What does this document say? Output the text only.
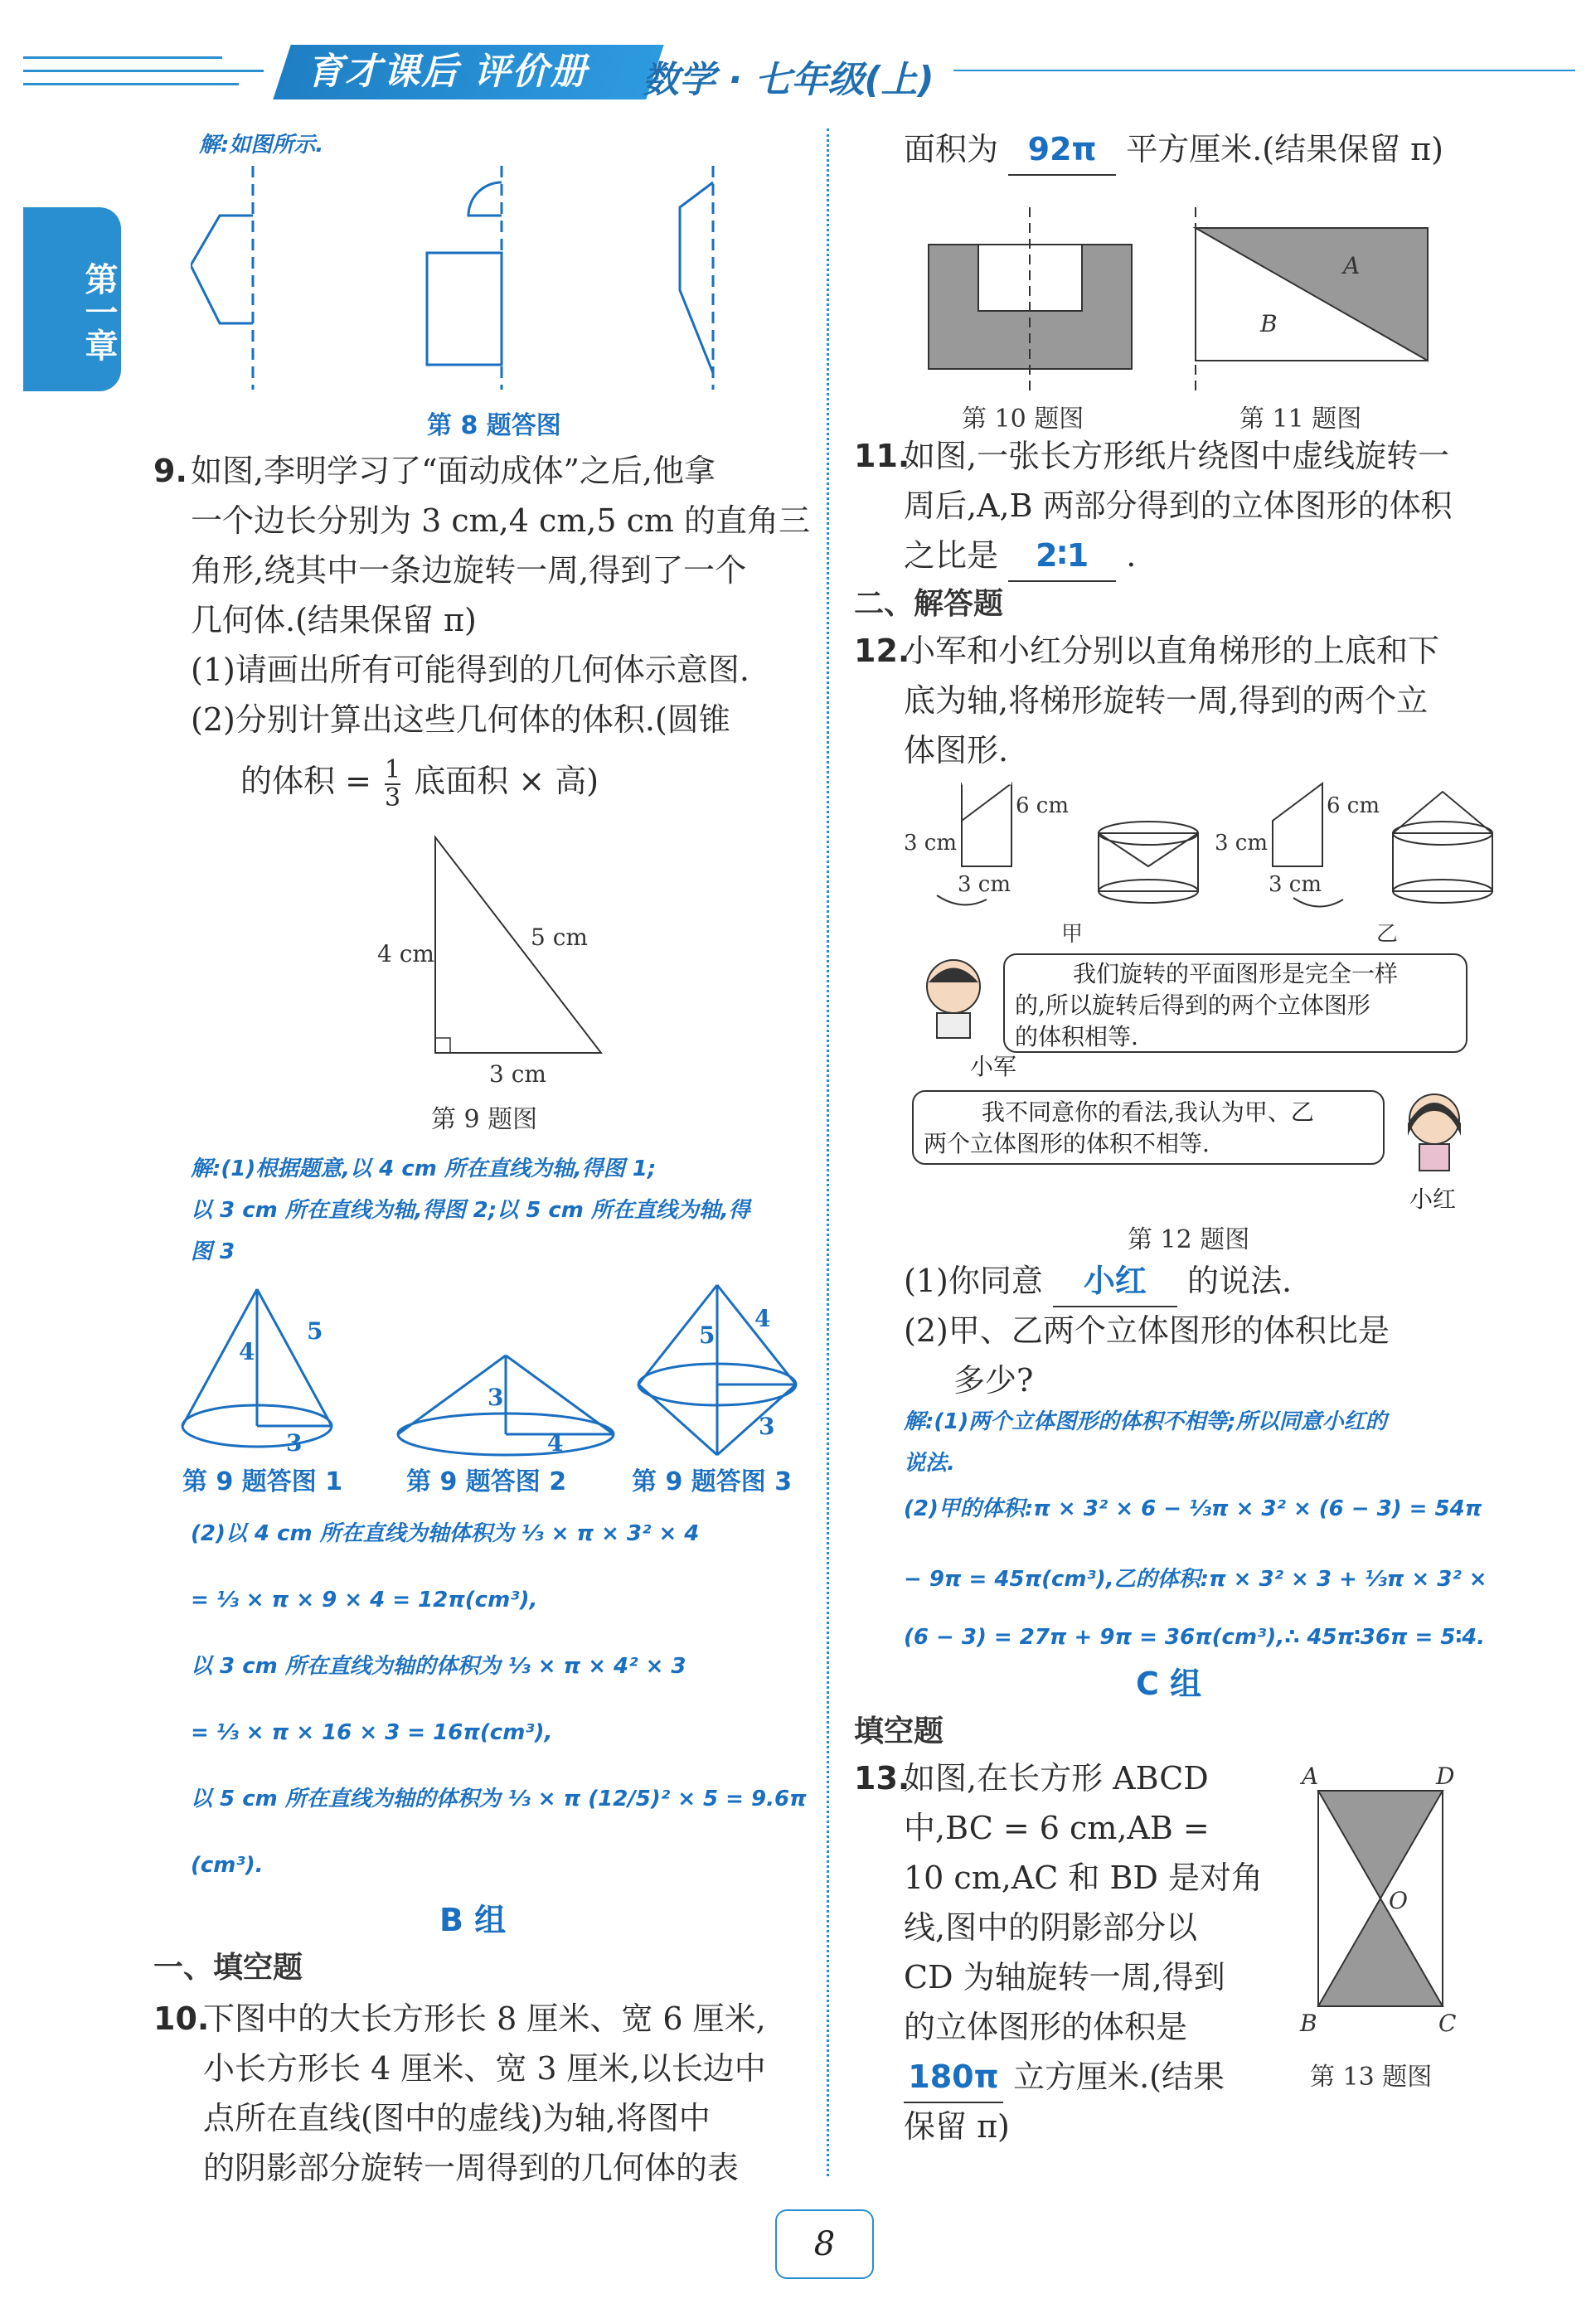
育才课后 评价册	数学 · 七年级(上)
第一章
解:如图所示.
第 8 题答图
9. 如图,李明学习了“面动成体”之后,他拿
一个边长分别为 3 cm,4 cm,5 cm 的直角三
角形,绕其中一条边旋转一周,得到了一个
几何体.(结果保留 π)
(1)请画出所有可能得到的几何体示意图.
(2)分别计算出这些几何体的体积.(圆锥
的体积 = $\frac{1}{3}$ 底面积 × 高)
4 cm
5 cm
3 cm
第 9 题图
解:(1)根据题意,以 4 cm 所在直线为轴,得图 1;
以 3 cm 所在直线为轴,得图 2;以 5 cm 所在直线为轴,得
图 3
4
5
3
3
4
5
4
3
第 9 题答图 1	第 9 题答图 2	第 9 题答图 3
(2)以 4 cm 所在直线为轴体积为 ⅓ × π × 3² × 4
= ⅓ × π × 9 × 4 = 12π(cm³),
以 3 cm 所在直线为轴的体积为 ⅓ × π × 4² × 3
= ⅓ × π × 16 × 3 = 16π(cm³),
以 5 cm 所在直线为轴的体积为 ⅓ × π (12/5)² × 5 = 9.6π
(cm³).
B 组
一、填空题
10.
下图中的大长方形长 8 厘米、宽 6 厘米,
小长方形长 4 厘米、宽 3 厘米,以长边中
点所在直线(图中的虚线)为轴,将图中
的阴影部分旋转一周得到的几何体的表
面积为 92π 平方厘米.(结果保留 π)
A
B
第 10 题图	第 11 题图
11.
如图,一张长方形纸片绕图中虚线旋转一
周后,A,B 两部分得到的立体图形的体积
之比是 2∶1 .
二、解答题
12.
小军和小红分别以直角梯形的上底和下
底为轴,将梯形旋转一周,得到的两个立
体图形.
3 cm
6 cm
3 cm
甲
3 cm
6 cm
3 cm
乙
我们旋转的平面图形是完全一样
的,所以旋转后得到的两个立体图形
的体积相等.
小军
我不同意你的看法,我认为甲、乙
两个立体图形的体积不相等.
小红
第 12 题图
(1)你同意 小红 的说法.
(2)甲、乙两个立体图形的体积比是
多少?
解:(1)两个立体图形的体积不相等;所以同意小红的
说法.
(2)甲的体积:π × 3² × 6 − ⅓π × 3² × (6 − 3) = 54π
− 9π = 45π(cm³),乙的体积:π × 3² × 3 + ⅓π × 3² ×
(6 − 3) = 27π + 9π = 36π(cm³),∴ 45π∶36π = 5∶4.
C 组
填空题
13.
如图,在长方形 ABCD
中,BC = 6 cm,AB =
10 cm,AC 和 BD 是对角
线,图中的阴影部分以
CD 为轴旋转一周,得到
的立体图形的体积是
180π 立方厘米.(结果
保留 π)
A	D
O
B	C
第 13 题图
8
